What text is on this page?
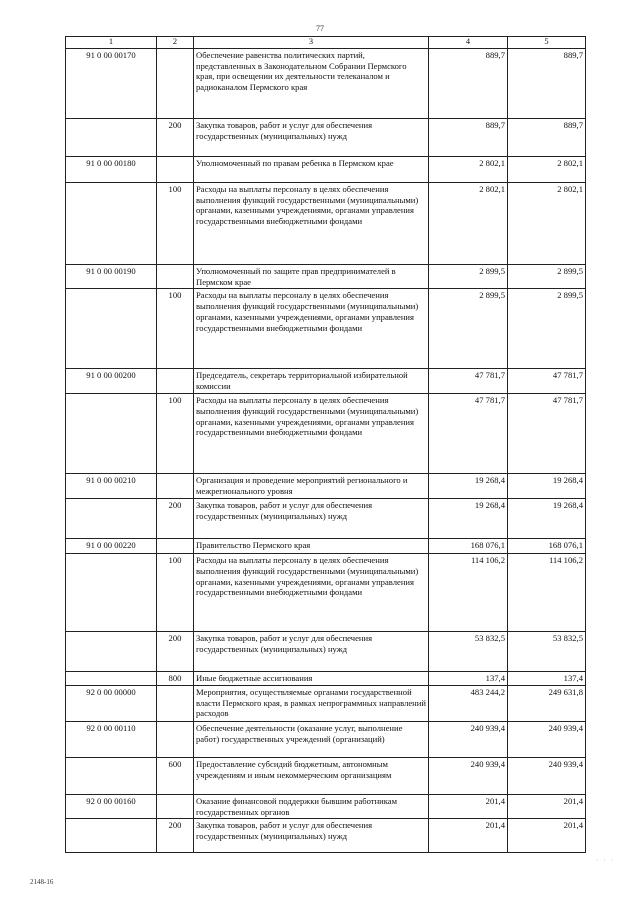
77
1	2	3	4	5
91 0 00 00170		Обеспечение равенства политических партий, представленных в Законодательном Собрании Пермского края, при освещении их деятельности телеканалом и радиоканалом Пермского края	889,7	889,7
	200	Закупка товаров, работ и услуг для обеспечения государственных (муниципальных) нужд	889,7	889,7
91 0 00 00180		Уполномоченный по правам ребенка в Пермском крае	2 802,1	2 802,1
	100	Расходы на выплаты персоналу в целях обеспечения выполнения функций государственными (муниципальными) органами, казенными учреждениями, органами управления государственными внебюджетными фондами	2 802,1	2 802,1
91 0 00 00190		Уполномоченный по защите прав предпринимателей в Пермском крае	2 899,5	2 899,5
	100	Расходы на выплаты персоналу в целях обеспечения выполнения функций государственными (муниципальными) органами, казенными учреждениями, органами управления государственными внебюджетными фондами	2 899,5	2 899,5
91 0 00 00200		Председатель, секретарь территориальной избирательной комиссии	47 781,7	47 781,7
	100	Расходы на выплаты персоналу в целях обеспечения выполнения функций государственными (муниципальными) органами, казенными учреждениями, органами управления государственными внебюджетными фондами	47 781,7	47 781,7
91 0 00 00210		Организация и проведение мероприятий регионального и межрегионального уровня	19 268,4	19 268,4
	200	Закупка товаров, работ и услуг для обеспечения государственных (муниципальных) нужд	19 268,4	19 268,4
91 0 00 00220		Правительство Пермского края	168 076,1	168 076,1
	100	Расходы на выплаты персоналу в целях обеспечения выполнения функций государственными (муниципальными) органами, казенными учреждениями, органами управления государственными внебюджетными фондами	114 106,2	114 106,2
	200	Закупка товаров, работ и услуг для обеспечения государственных (муниципальных) нужд	53 832,5	53 832,5
	800	Иные бюджетные ассигнования	137,4	137,4
92 0 00 00000		Мероприятия, осуществляемые органами государственной власти Пермского края, в рамках непрограммных направлений расходов	483 244,2	249 631,8
92 0 00 00110		Обеспечение деятельности (оказание услуг, выполнение работ) государственных учреждений (организаций)	240 939,4	240 939,4
	600	Предоставление субсидий бюджетным, автономным учреждениям и иным некоммерческим организациям	240 939,4	240 939,4
92 0 00 00160		Оказание финансовой поддержки бывшим работникам государственных органов	201,4	201,4
	200	Закупка товаров, работ и услуг для обеспечения государственных (муниципальных) нужд	201,4	201,4
· · ·
2148-16
